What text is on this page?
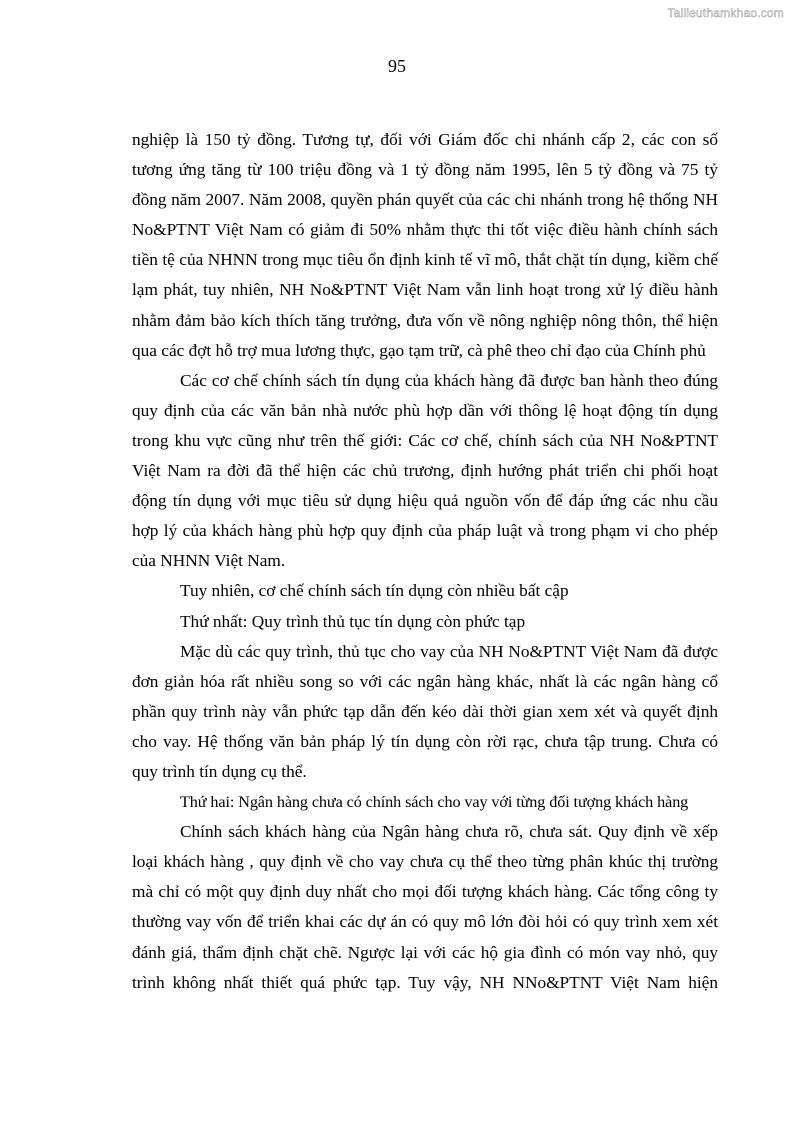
Tailieuthamkhao.com
95
nghiệp là 150 tỷ đồng. Tương tự, đối với Giám đốc chi nhánh cấp 2, các con số
tương ứng tăng từ 100 triệu đồng và 1 tỷ đồng năm 1995, lên 5 tỷ đồng và 75 tỷ
đồng năm 2007. Năm 2008, quyền phán quyết của các chi nhánh trong hệ thống NH
No&PTNT Việt Nam có giảm đi 50% nhằm thực thi tốt việc điều hành chính sách
tiền tệ của NHNN trong mục tiêu ổn định kinh tế vĩ mô, thắt chặt tín dụng, kiềm chế
lạm phát, tuy nhiên, NH No&PTNT Việt Nam vẫn linh hoạt trong xử lý điều hành
nhằm đảm bảo kích thích tăng trưởng, đưa vốn về nông nghiệp nông thôn, thể hiện
qua các đợt hỗ trợ mua lương thực, gạo tạm trữ, cà phê theo chỉ đạo của Chính phủ
Các cơ chế chính sách tín dụng của khách hàng đã được ban hành theo đúng
quy định của các văn bản nhà nước phù hợp dần với thông lệ hoạt động tín dụng
trong khu vực cũng như trên thế giới: Các cơ chế, chính sách của NH No&PTNT
Việt Nam ra đời đã thể hiện các chủ trương, định hướng phát triển chi phối hoạt
động tín dụng với mục tiêu sử dụng hiệu quả nguồn vốn để đáp ứng các nhu cầu
hợp lý của khách hàng phù hợp quy định của pháp luật và trong phạm vi cho phép
của NHNN Việt Nam.
Tuy nhiên, cơ chế chính sách tín dụng còn nhiều bất cập
Thứ nhất: Quy trình thủ tục tín dụng còn phức tạp
Mặc dù các quy trình, thủ tục cho vay của NH No&PTNT Việt Nam đã được
đơn giản hóa rất nhiều song so với các ngân hàng khác, nhất là các ngân hàng cổ
phần quy trình này vẫn phức tạp dẫn đến kéo dài thời gian xem xét và quyết định
cho vay. Hệ thống văn bản pháp lý tín dụng còn rời rạc, chưa tập trung. Chưa có
quy trình tín dụng cụ thể.
Thứ hai: Ngân hàng chưa có chính sách cho vay với từng đối tượng khách hàng
Chính sách khách hàng của Ngân hàng chưa rõ, chưa sát. Quy định về xếp
loại khách hàng , quy định về cho vay chưa cụ thể theo từng phân khúc thị trường
mà chỉ có một quy định duy nhất cho mọi đối tượng khách hàng. Các tổng công ty
thường vay vốn để triển khai các dự án có quy mô lớn đòi hỏi có quy trình xem xét
đánh giá, thẩm định chặt chẽ. Ngược lại với các hộ gia đình có món vay nhỏ, quy
trình không nhất thiết quá phức tạp. Tuy vậy, NH NNo&PTNT Việt Nam hiện
